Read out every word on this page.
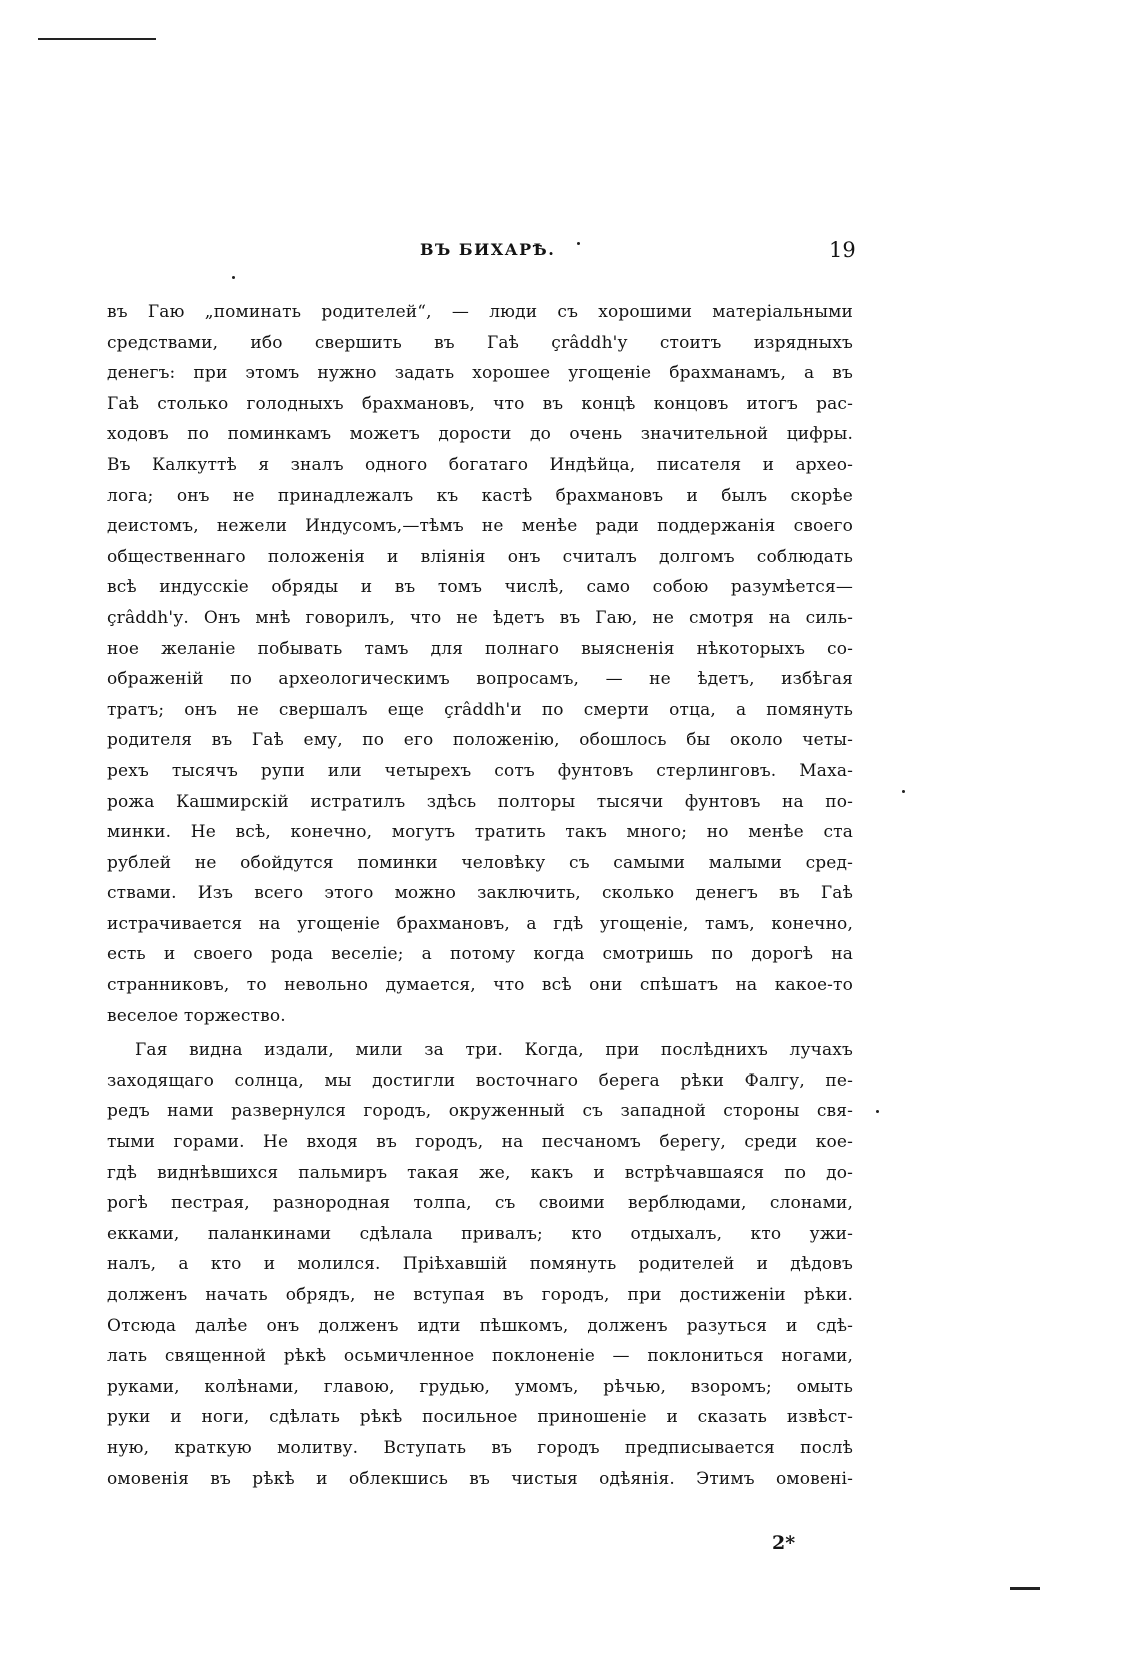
ВЪ БИХАРѢ.	19

въ Гаю „поминать родителей“, — люди съ хорошими матеріальными
средствами, ибо свершить въ Гаѣ çrâddh'у стоитъ изрядныхъ
денегъ: при этомъ нужно задать хорошее угощеніе брахманамъ, а въ
Гаѣ столько голодныхъ брахмановъ, что въ концѣ концовъ итогъ рас-
ходовъ по поминкамъ можетъ дорости до очень значительной цифры.
Въ Калкуттѣ я зналъ одного богатаго Индѣйца, писателя и архео-
лога; онъ не принадлежалъ къ кастѣ брахмановъ и былъ скорѣе
деистомъ, нежели Индусомъ,—тѣмъ не менѣе ради поддержанія своего
общественнаго положенія и вліянія онъ считалъ долгомъ соблюдать
всѣ индусскіе обряды и въ томъ числѣ, само собою разумѣется—
çrâddh'у. Онъ мнѣ говорилъ, что не ѣдетъ въ Гаю, не смотря на силь-
ное желаніе побывать тамъ для полнаго выясненія нѣкоторыхъ со-
ображеній по археологическимъ вопросамъ, — не ѣдетъ, избѣгая
тратъ; онъ не свершалъ еще çrâddh'и по смерти отца, а помянуть
родителя въ Гаѣ ему, по его положенію, обошлось бы около четы-
рехъ тысячъ рупи или четырехъ сотъ фунтовъ стерлинговъ. Маха-
рожа Кашмирскій истратилъ здѣсь полторы тысячи фунтовъ на по-
минки. Не всѣ, конечно, могутъ тратить такъ много; но менѣе ста
рублей не обойдутся поминки человѣку съ самыми малыми сред-
ствами. Изъ всего этого можно заключить, сколько денегъ въ Гаѣ
истрачивается на угощеніе брахмановъ, а гдѣ угощеніе, тамъ, конечно,
есть и своего рода веселіе; а потому когда смотришь по дорогѣ на
странниковъ, то невольно думается, что всѣ они спѣшатъ на какое-то
веселое торжество.

Гая видна издали, мили за три. Когда, при послѣднихъ лучахъ
заходящаго солнца, мы достигли восточнаго берега рѣки Фалгу, пе-
редъ нами развернулся городъ, окруженный съ западной стороны свя-
тыми горами. Не входя въ городъ, на песчаномъ берегу, среди кое-
гдѣ виднѣвшихся пальмиръ такая же, какъ и встрѣчавшаяся по до-
рогѣ пестрая, разнородная толпа, съ своими верблюдами, слонами,
екками, паланкинами сдѣлала привалъ; кто отдыхалъ, кто ужи-
налъ, а кто и молился. Пріѣхавшій помянуть родителей и дѣдовъ
долженъ начать обрядъ, не вступая въ городъ, при достиженіи рѣки.
Отсюда далѣе онъ долженъ идти пѣшкомъ, долженъ разуться и сдѣ-
лать священной рѣкѣ осьмичленное поклоненіе — поклониться ногами,
руками, колѣнами, главою, грудью, умомъ, рѣчью, взоромъ; омыть
руки и ноги, сдѣлать рѣкѣ посильное приношеніе и сказать извѣст-
ную, краткую молитву. Вступать въ городъ предписывается послѣ
омовенія въ рѣкѣ и облекшись въ чистыя одѣянія. Этимъ омовені-

2*
